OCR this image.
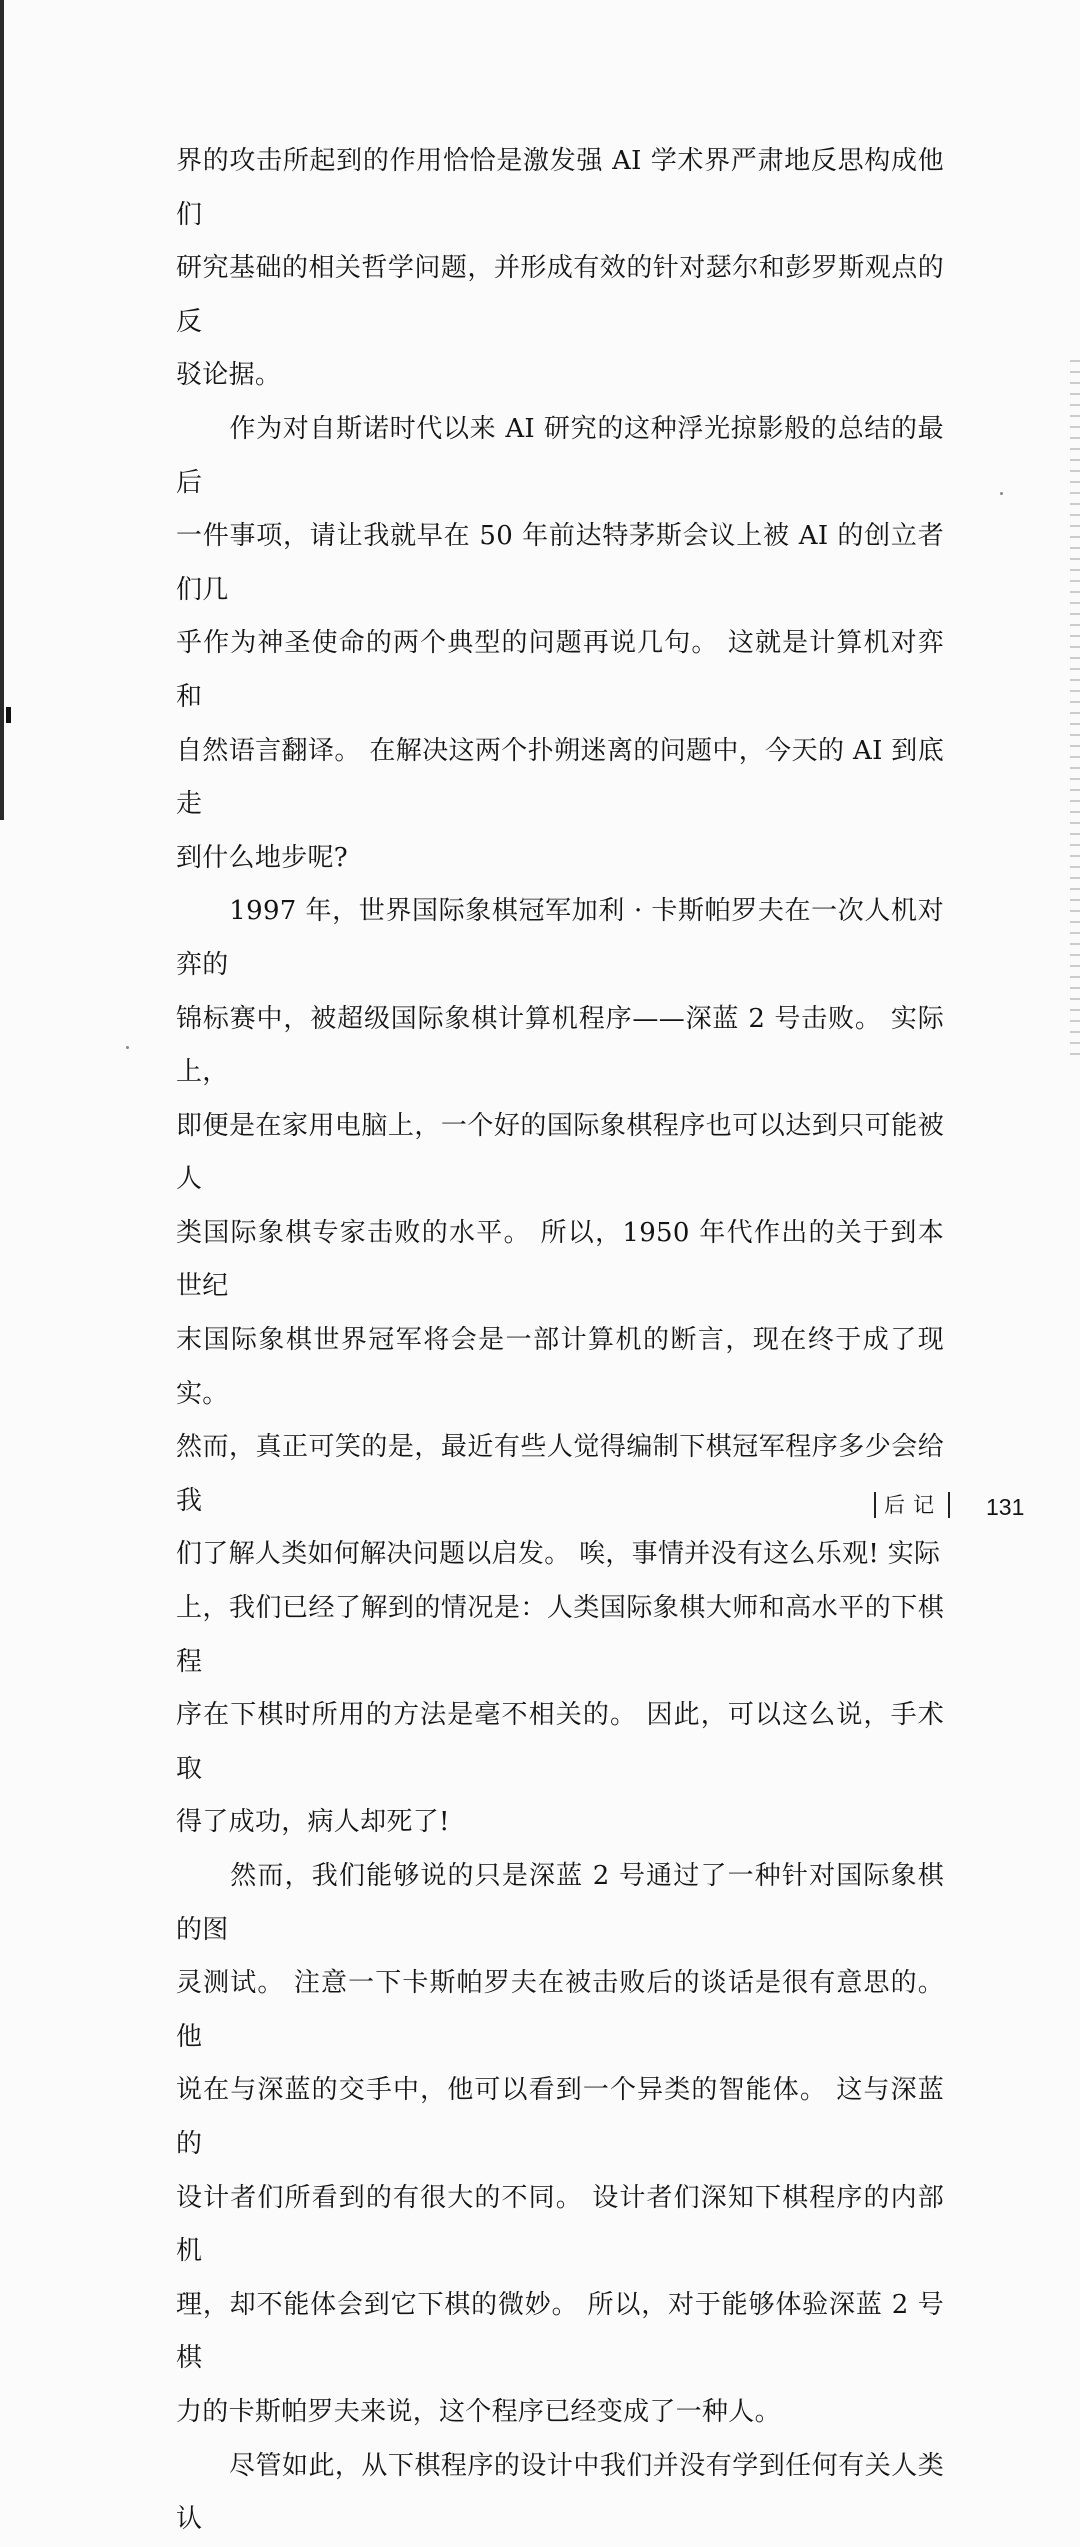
界的攻击所起到的作用恰恰是激发强 AI 学术界严肃地反思构成他们
研究基础的相关哲学问题，并形成有效的针对瑟尔和彭罗斯观点的反
驳论据。

　　作为对自斯诺时代以来 AI 研究的这种浮光掠影般的总结的最后
一件事项，请让我就早在 50 年前达特茅斯会议上被 AI 的创立者们几
乎作为神圣使命的两个典型的问题再说几句。 这就是计算机对弈和
自然语言翻译。 在解决这两个扑朔迷离的问题中，今天的 AI 到底走
到什么地步呢?

　　1997 年，世界国际象棋冠军加利 · 卡斯帕罗夫在一次人机对弈的
锦标赛中，被超级国际象棋计算机程序——深蓝 2 号击败。 实际上，
即便是在家用电脑上，一个好的国际象棋程序也可以达到只可能被人
类国际象棋专家击败的水平。 所以，1950 年代作出的关于到本世纪
末国际象棋世界冠军将会是一部计算机的断言，现在终于成了现实。
然而，真正可笑的是，最近有些人觉得编制下棋冠军程序多少会给我
们了解人类如何解决问题以启发。 唉，事情并没有这么乐观! 实际
上，我们已经了解到的情况是：人类国际象棋大师和高水平的下棋程
序在下棋时所用的方法是毫不相关的。 因此，可以这么说，手术取
得了成功，病人却死了!

　　然而，我们能够说的只是深蓝 2 号通过了一种针对国际象棋的图
灵测试。 注意一下卡斯帕罗夫在被击败后的谈话是很有意思的。 他
说在与深蓝的交手中，他可以看到一个异类的智能体。 这与深蓝的
设计者们所看到的有很大的不同。 设计者们深知下棋程序的内部机
理，却不能体会到它下棋的微妙。 所以，对于能够体验深蓝 2 号棋
力的卡斯帕罗夫来说，这个程序已经变成了一种人。

　　尽管如此，从下棋程序的设计中我们并没有学到任何有关人类认

后记	131
